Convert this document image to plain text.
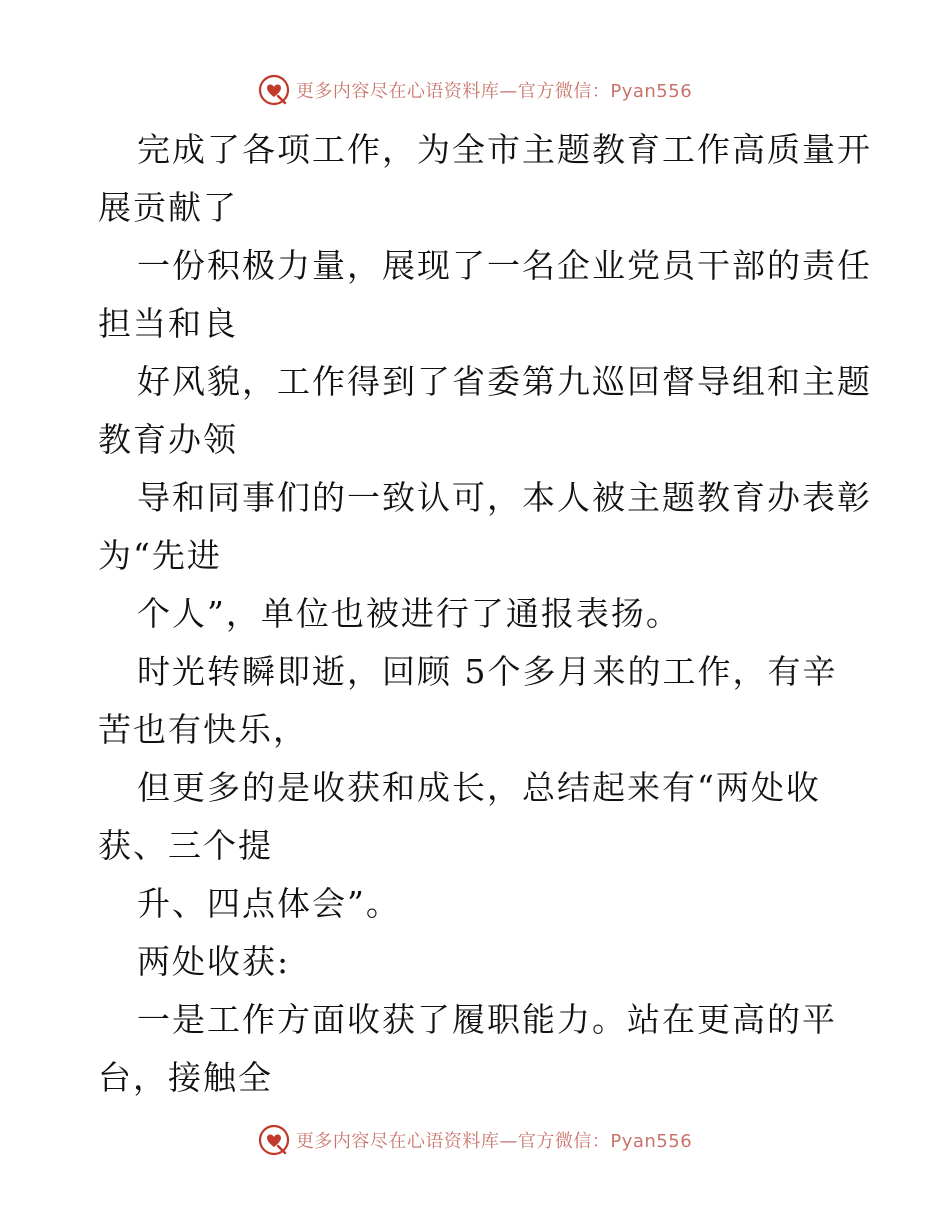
更多内容尽在心语资料库—官方微信：Pyan556
完成了各项工作，为全市主题教育工作高质量开
展贡献了
一份积极力量，展现了一名企业党员干部的责任
担当和良
好风貌，工作得到了省委第九巡回督导组和主题
教育办领
导和同事们的一致认可，本人被主题教育办表彰
为“先进
个人”，单位也被进行了通报表扬。
时光转瞬即逝，回顾 5个多月来的工作，有辛
苦也有快乐，
但更多的是收获和成长，总结起来有“两处收
获、三个提
升、四点体会”。
两处收获:
一是工作方面收获了履职能力。站在更高的平
台，接触全
更多内容尽在心语资料库—官方微信：Pyan556
